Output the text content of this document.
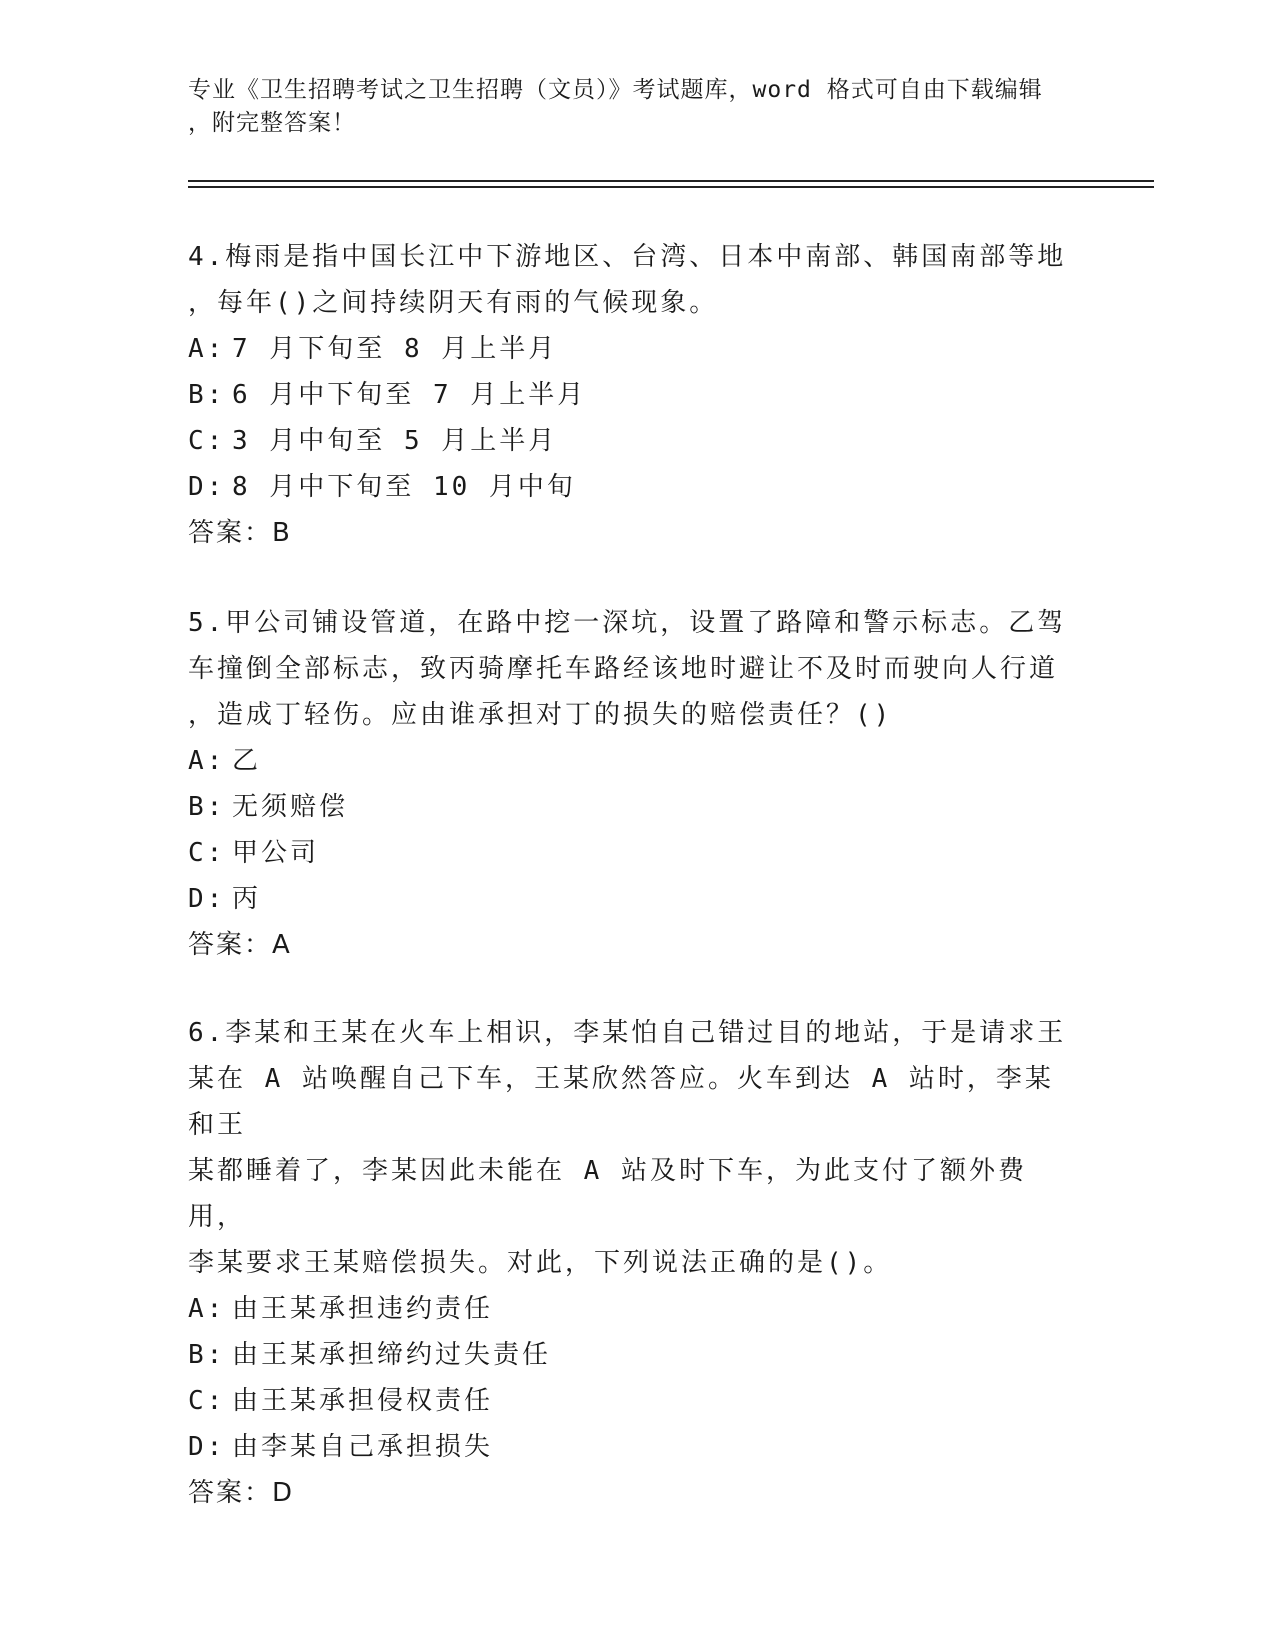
专业《卫生招聘考试之卫生招聘（文员）》考试题库，word 格式可自由下载编辑
，附完整答案！

4.梅雨是指中国长江中下游地区、台湾、日本中南部、韩国南部等地

，每年()之间持续阴天有雨的气候现象。

A: 7 月下旬至 8 月上半月

B: 6 月中下旬至 7 月上半月

C: 3 月中旬至 5 月上半月

D: 8 月中下旬至 10 月中旬

答案：B

5.甲公司铺设管道，在路中挖一深坑，设置了路障和警示标志。乙驾

车撞倒全部标志，致丙骑摩托车路经该地时避让不及时而驶向人行道

，造成丁轻伤。应由谁承担对丁的损失的赔偿责任？()

A: 乙

B: 无须赔偿

C: 甲公司

D: 丙

答案：A

6.李某和王某在火车上相识，李某怕自己错过目的地站，于是请求王

某在 A 站唤醒自己下车，王某欣然答应。火车到达 A 站时，李某和王

某都睡着了，李某因此未能在 A 站及时下车，为此支付了额外费用，

李某要求王某赔偿损失。对此，下列说法正确的是()。

A: 由王某承担违约责任

B: 由王某承担缔约过失责任

C: 由王某承担侵权责任

D: 由李某自己承担损失

答案：D
